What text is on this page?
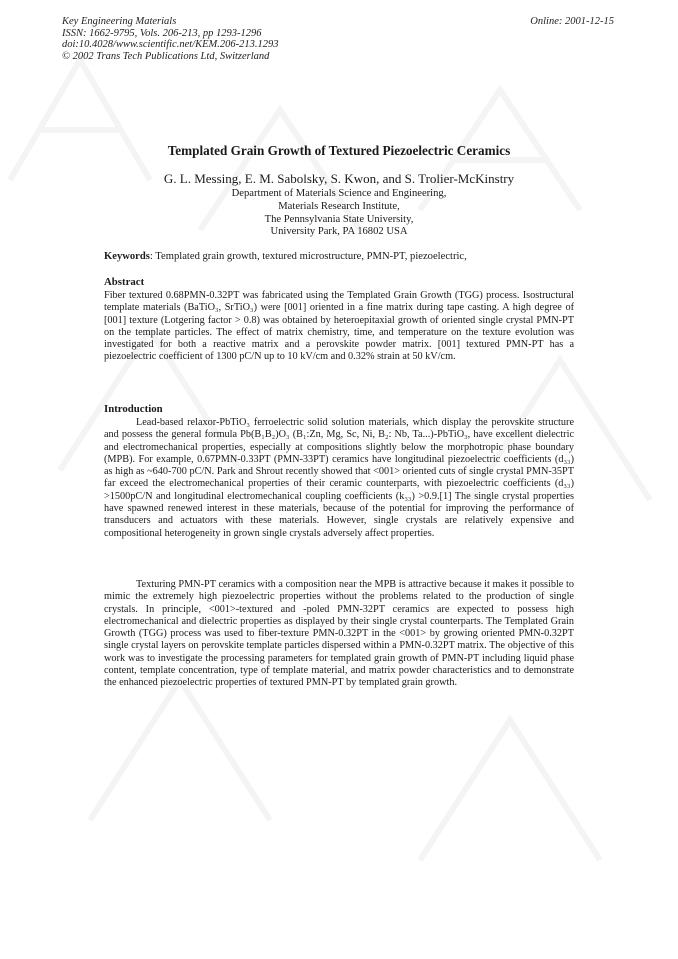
Key Engineering Materials
ISSN: 1662-9795, Vols. 206-213, pp 1293-1296
doi:10.4028/www.scientific.net/KEM.206-213.1293
© 2002 Trans Tech Publications Ltd, Switzerland
Online: 2001-12-15
Templated Grain Growth of Textured Piezoelectric Ceramics
G. L. Messing, E. M. Sabolsky, S. Kwon, and S. Trolier-McKinstry
Department of Materials Science and Engineering,
Materials Research Institute,
The Pennsylvania State University,
University Park, PA 16802 USA
Keywords: Templated grain growth, textured microstructure, PMN-PT, piezoelectric,
Abstract

Fiber textured 0.68PMN-0.32PT was fabricated using the Templated Grain Growth (TGG) process. Isostructural template materials (BaTiO₃, SrTiO₃) were [001] oriented in a fine matrix during tape casting. A high degree of [001] texture (Lotgering factor > 0.8) was obtained by heteroepitaxial growth of oriented single crystal PMN-PT on the template particles. The effect of matrix chemistry, time, and temperature on the texture evolution was investigated for both a reactive matrix and a perovskite powder matrix. [001] textured PMN-PT has a piezoelectric coefficient of 1300 pC/N up to 10 kV/cm and 0.32% strain at 50 kV/cm.

Introduction

Lead-based relaxor-PbTiO₃ ferroelectric solid solution materials, which display the perovskite structure and possess the general formula Pb(B₁B₂)O₃ (B₁:Zn, Mg, Sc, Ni, B₂: Nb, Ta...)-PbTiO₃, have excellent dielectric and electromechanical properties, especially at compositions slightly below the morphotropic phase boundary (MPB). For example, 0.67PMN-0.33PT (PMN-33PT) ceramics have longitudinal piezoelectric coefficients (d₃₃) as high as ~640-700 pC/N. Park and Shrout recently showed that <001> oriented cuts of single crystal PMN-35PT far exceed the electromechanical properties of their ceramic counterparts, with piezoelectric coefficients (d₃₃) >1500pC/N and longitudinal electromechanical coupling coefficients (k₃₃) >0.9.[1] The single crystal properties have spawned renewed interest in these materials, because of the potential for improving the performance of transducers and actuators with these materials. However, single crystals are relatively expensive and compositional heterogeneity in grown single crystals adversely affect properties.

Texturing PMN-PT ceramics with a composition near the MPB is attractive because it makes it possible to mimic the extremely high piezoelectric properties without the problems related to the production of single crystals. In principle, <001>-textured and -poled PMN-32PT ceramics are expected to possess high electromechanical and dielectric properties as displayed by their single crystal counterparts. The Templated Grain Growth (TGG) process was used to fiber-texture PMN-0.32PT in the <001> by growing oriented PMN-0.32PT single crystal layers on perovskite template particles dispersed within a PMN-0.32PT matrix. The objective of this work was to investigate the processing parameters for templated grain growth of PMN-PT including liquid phase content, template concentration, type of template material, and matrix powder characteristics and to demonstrate the enhanced piezoelectric properties of textured PMN-PT by templated grain growth.
